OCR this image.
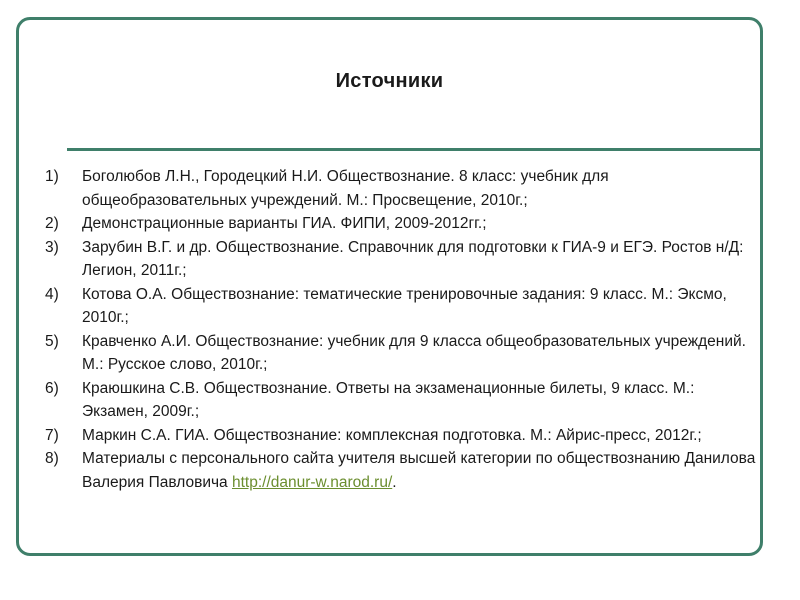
Источники
1) Боголюбов Л.Н., Городецкий Н.И. Обществознание. 8 класс: учебник для общеобразовательных учреждений. М.: Просвещение, 2010г.;
2) Демонстрационные варианты ГИА. ФИПИ, 2009-2012гг.;
3) Зарубин В.Г. и др. Обществознание. Справочник для подготовки к ГИА-9 и ЕГЭ. Ростов н/Д: Легион, 2011г.;
4) Котова О.А. Обществознание: тематические тренировочные задания: 9 класс. М.: Эксмо, 2010г.;
5) Кравченко А.И. Обществознание: учебник для 9 класса общеобразовательных учреждений. М.: Русское слово, 2010г.;
6) Краюшкина С.В. Обществознание. Ответы на экзаменационные билеты, 9 класс. М.: Экзамен, 2009г.;
7) Маркин С.А. ГИА. Обществознание: комплексная подготовка. М.: Айрис-пресс, 2012г.;
8) Материалы с персонального сайта учителя высшей категории по обществознанию Данилова Валерия Павловича http://danur-w.narod.ru/.
